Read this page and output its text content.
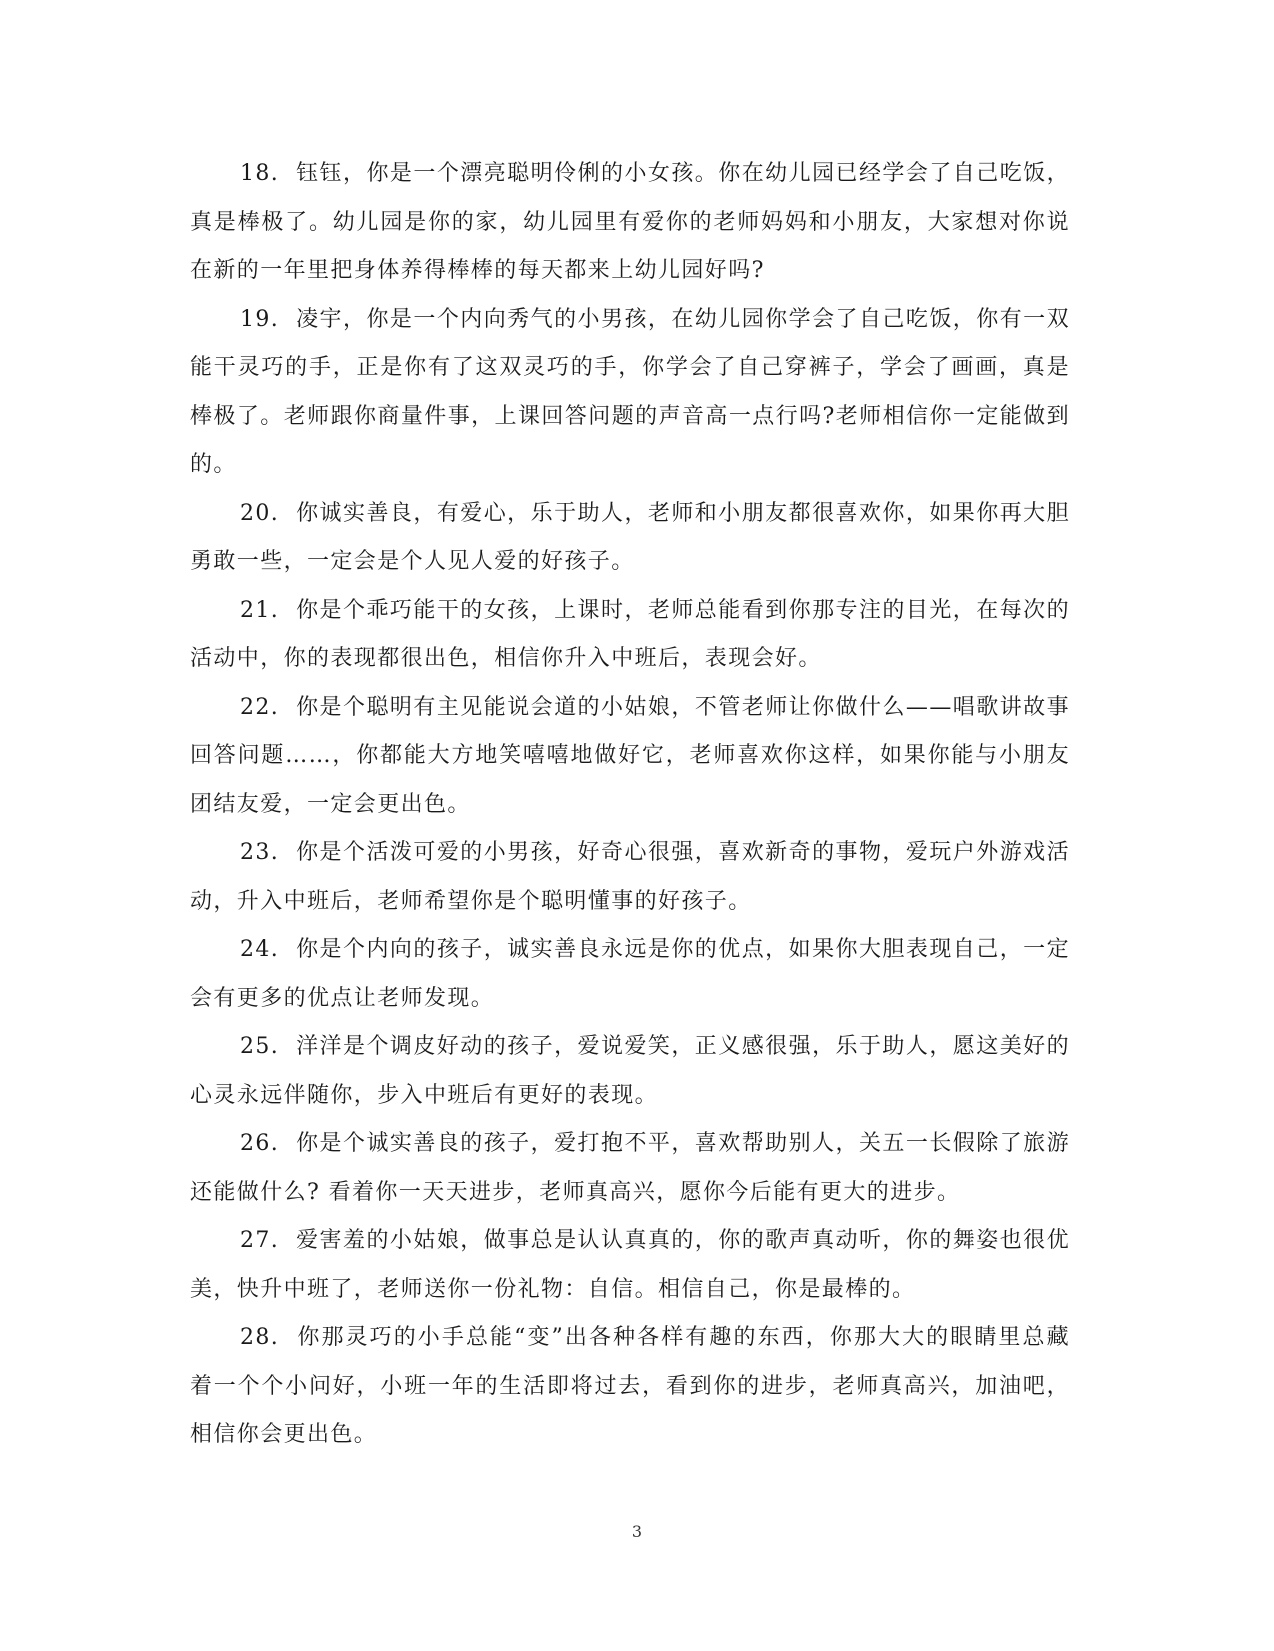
18. 钰钰，你是一个漂亮聪明伶俐的小女孩。你在幼儿园已经学会了自己吃饭，真是棒极了。幼儿园是你的家，幼儿园里有爱你的老师妈妈和小朋友，大家想对你说在新的一年里把身体养得棒棒的每天都来上幼儿园好吗?

19. 凌宇，你是一个内向秀气的小男孩，在幼儿园你学会了自己吃饭，你有一双能干灵巧的手，正是你有了这双灵巧的手，你学会了自己穿裤子，学会了画画，真是棒极了。老师跟你商量件事，上课回答问题的声音高一点行吗?老师相信你一定能做到的。

20. 你诚实善良，有爱心，乐于助人，老师和小朋友都很喜欢你，如果你再大胆勇敢一些，一定会是个人见人爱的好孩子。

21. 你是个乖巧能干的女孩，上课时，老师总能看到你那专注的目光，在每次的活动中，你的表现都很出色，相信你升入中班后，表现会好。

22. 你是个聪明有主见能说会道的小姑娘，不管老师让你做什么——唱歌讲故事回答问题……，你都能大方地笑嘻嘻地做好它，老师喜欢你这样，如果你能与小朋友团结友爱，一定会更出色。

23. 你是个活泼可爱的小男孩，好奇心很强，喜欢新奇的事物，爱玩户外游戏活动，升入中班后，老师希望你是个聪明懂事的好孩子。

24. 你是个内向的孩子，诚实善良永远是你的优点，如果你大胆表现自己，一定会有更多的优点让老师发现。

25. 洋洋是个调皮好动的孩子，爱说爱笑，正义感很强，乐于助人，愿这美好的心灵永远伴随你，步入中班后有更好的表现。

26. 你是个诚实善良的孩子，爱打抱不平，喜欢帮助别人，关五一长假除了旅游 还能做什么? 看着你一天天进步，老师真高兴，愿你今后能有更大的进步。

27. 爱害羞的小姑娘，做事总是认认真真的，你的歌声真动听，你的舞姿也很优美，快升中班了，老师送你一份礼物：自信。相信自己，你是最棒的。

28. 你那灵巧的小手总能“变”出各种各样有趣的东西，你那大大的眼睛里总藏着一个个小问好，小班一年的生活即将过去，看到你的进步，老师真高兴，加油吧，相信你会更出色。

3
